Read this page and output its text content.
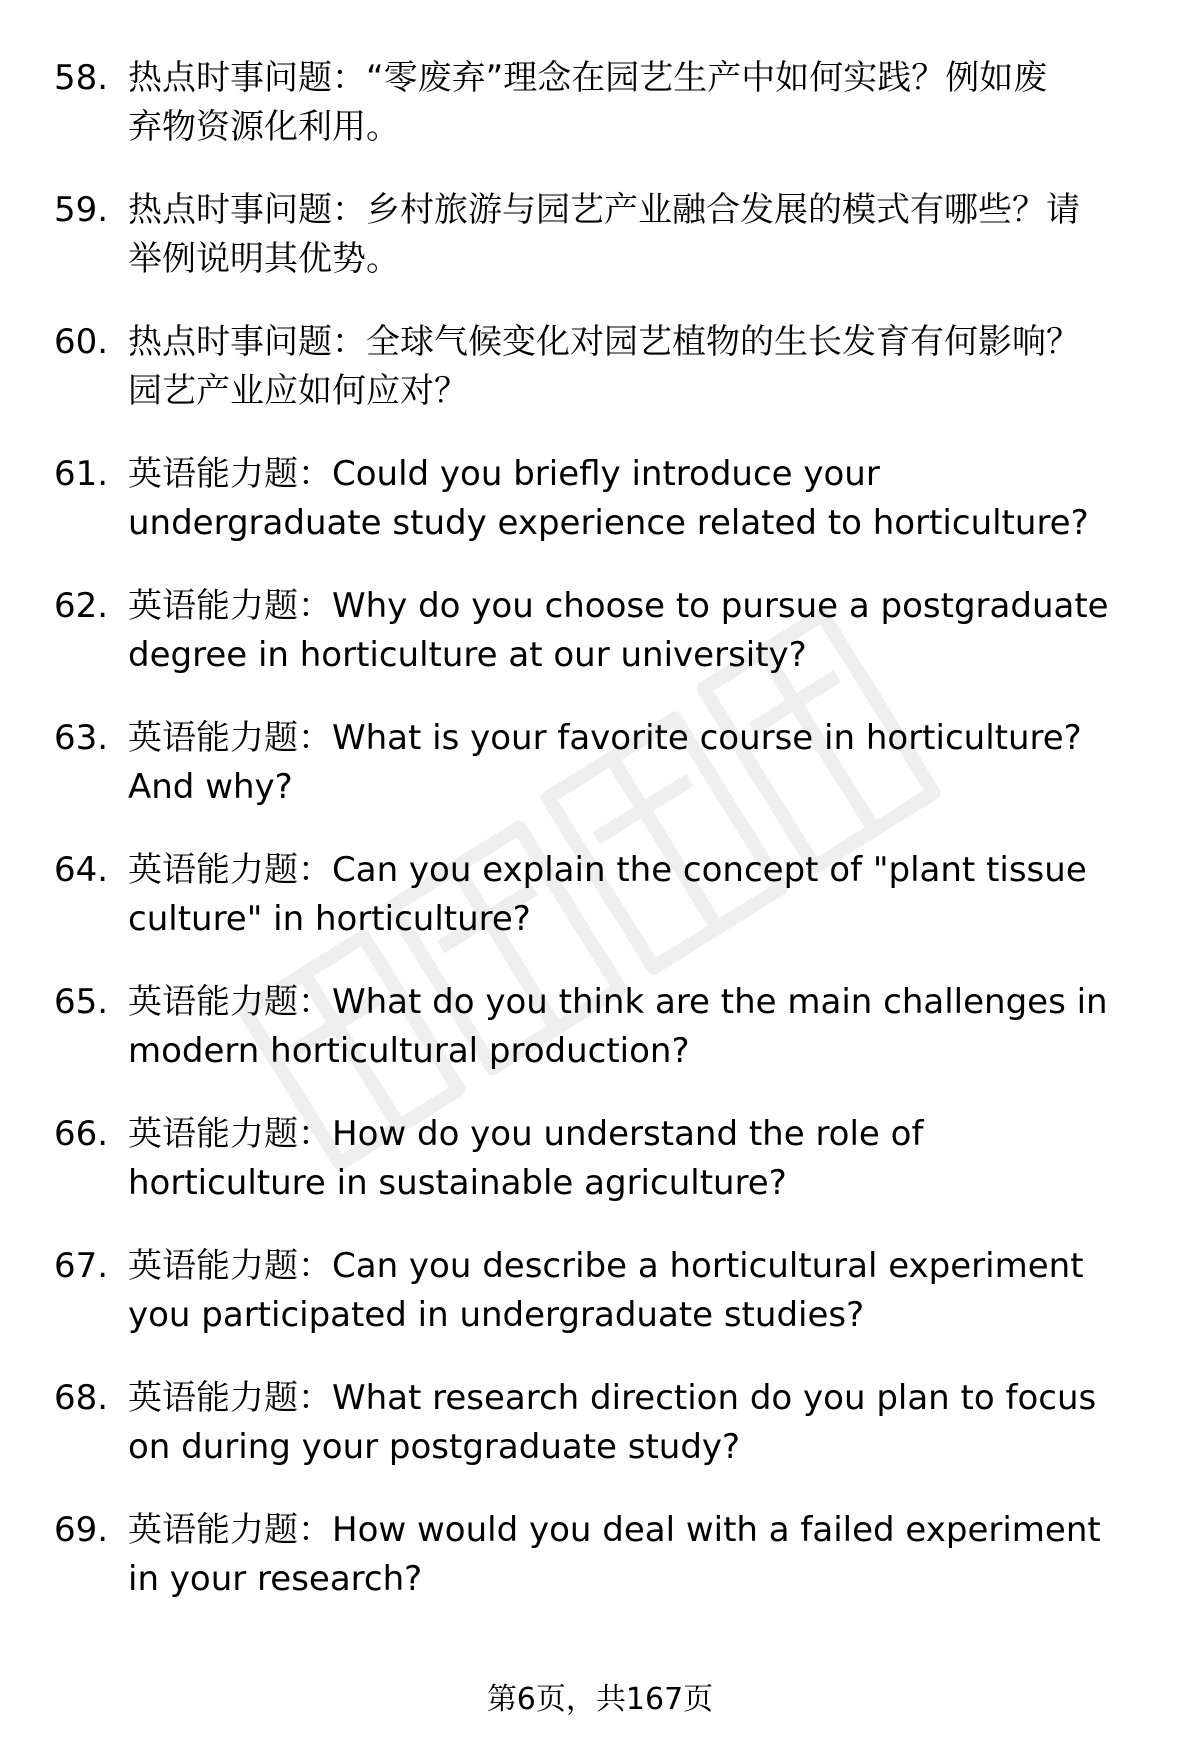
58. 热点时事问题：“零废弃”理念在园艺生产中如何实践？例如废
弃物资源化利用。
59. 热点时事问题：乡村旅游与园艺产业融合发展的模式有哪些？请
举例说明其优势。
60. 热点时事问题：全球气候变化对园艺植物的生长发育有何影响？
园艺产业应如何应对？
61. 英语能力题：Could you briefly introduce your
undergraduate study experience related to horticulture?
62. 英语能力题：Why do you choose to pursue a postgraduate
degree in horticulture at our university?
63. 英语能力题：What is your favorite course in horticulture?
And why?
64. 英语能力题：Can you explain the concept of "plant tissue
culture" in horticulture?
65. 英语能力题：What do you think are the main challenges in
modern horticultural production?
66. 英语能力题：How do you understand the role of
horticulture in sustainable agriculture?
67. 英语能力题：Can you describe a horticultural experiment
you participated in undergraduate studies?
68. 英语能力题：What research direction do you plan to focus
on during your postgraduate study?
69. 英语能力题：How would you deal with a failed experiment
in your research?
第6页，共167页
